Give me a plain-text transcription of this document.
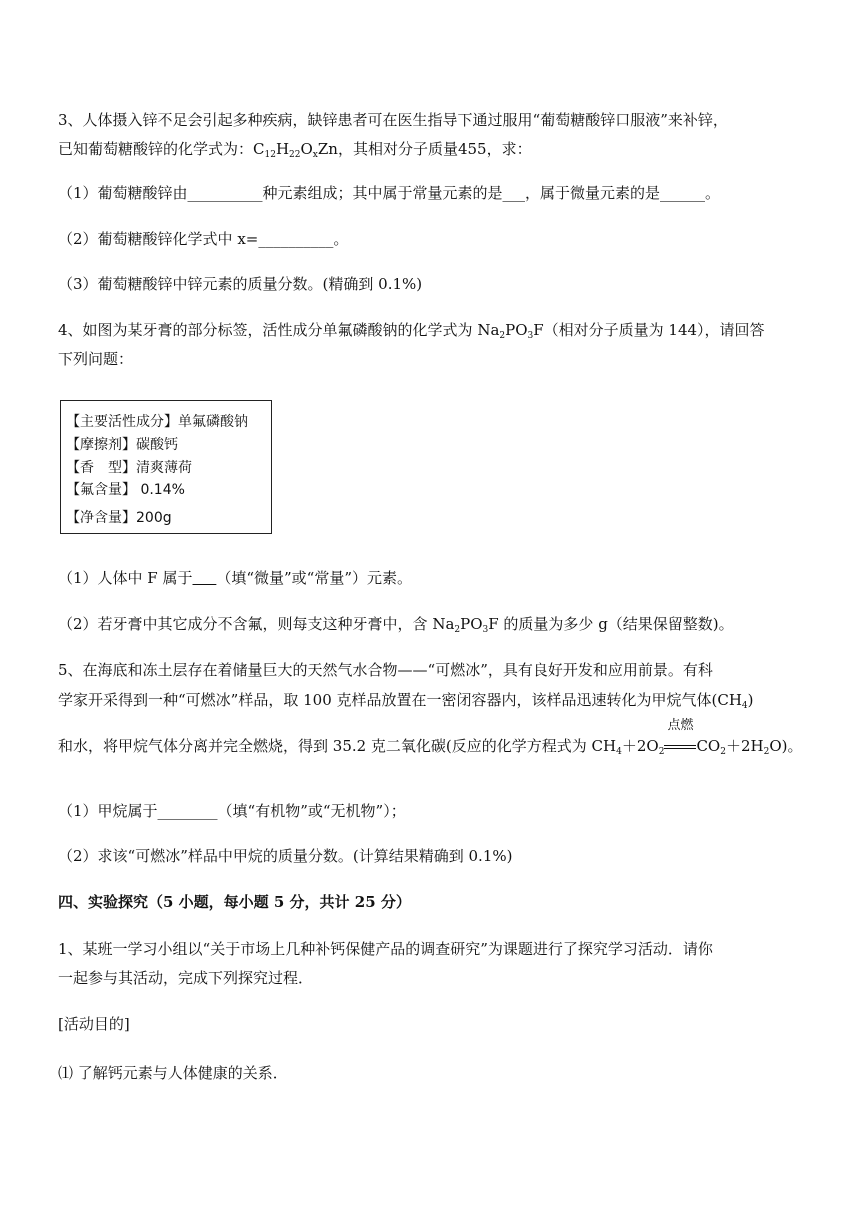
3、人体摄入锌不足会引起多种疾病，缺锌患者可在医生指导下通过服用“葡萄糖酸锌口服液”来补锌，
已知葡萄糖酸锌的化学式为：$C_{12}H_{22}O_xZn$，其相对分子质量455，求：
（1）葡萄糖酸锌由__________种元素组成；其中属于常量元素的是___，属于微量元素的是______。
（2）葡萄糖酸锌化学式中 x=__________。
（3）葡萄糖酸锌中锌元素的质量分数。(精确到 0.1%)
4、如图为某牙膏的部分标签，活性成分单氟磷酸钠的化学式为 $Na_2PO_3F$（相对分子质量为 144），请回答
下列问题：
【主要活性成分】单氟磷酸钠
【摩擦剂】碳酸钙
【香　型】清爽薄荷
【氟含量】 0.14%
【净含量】200g
（1）人体中 F 属于 （填“微量”或“常量”）元素。
（2）若牙膏中其它成分不含氟，则每支这种牙膏中，含 $Na_2PO_3F$ 的质量为多少 g（结果保留整数)。
5、在海底和冻土层存在着储量巨大的天然气水合物——“可燃冰”，具有良好开发和应用前景。有科
学家开采得到一种“可燃冰”样品，取 100 克样品放置在一密闭容器内，该样品迅速转化为甲烷气体$(CH_4)$
和水，将甲烷气体分离并完全燃烧，得到 35.2 克二氧化碳(反应的化学方程式为 $CH_4+2O_2$
点燃
$CO_2+2H_2O$)。
（1）甲烷属于________（填“有机物”或“无机物”）；
（2）求该“可燃冰”样品中甲烷的质量分数。(计算结果精确到 0.1%)
四、实验探究（5 小题，每小题 5 分，共计 25 分）
1、某班一学习小组以“关于市场上几种补钙保健产品的调查研究”为课题进行了探究学习活动．请你
一起参与其活动，完成下列探究过程．
[活动目的]
⑴ 了解钙元素与人体健康的关系．
